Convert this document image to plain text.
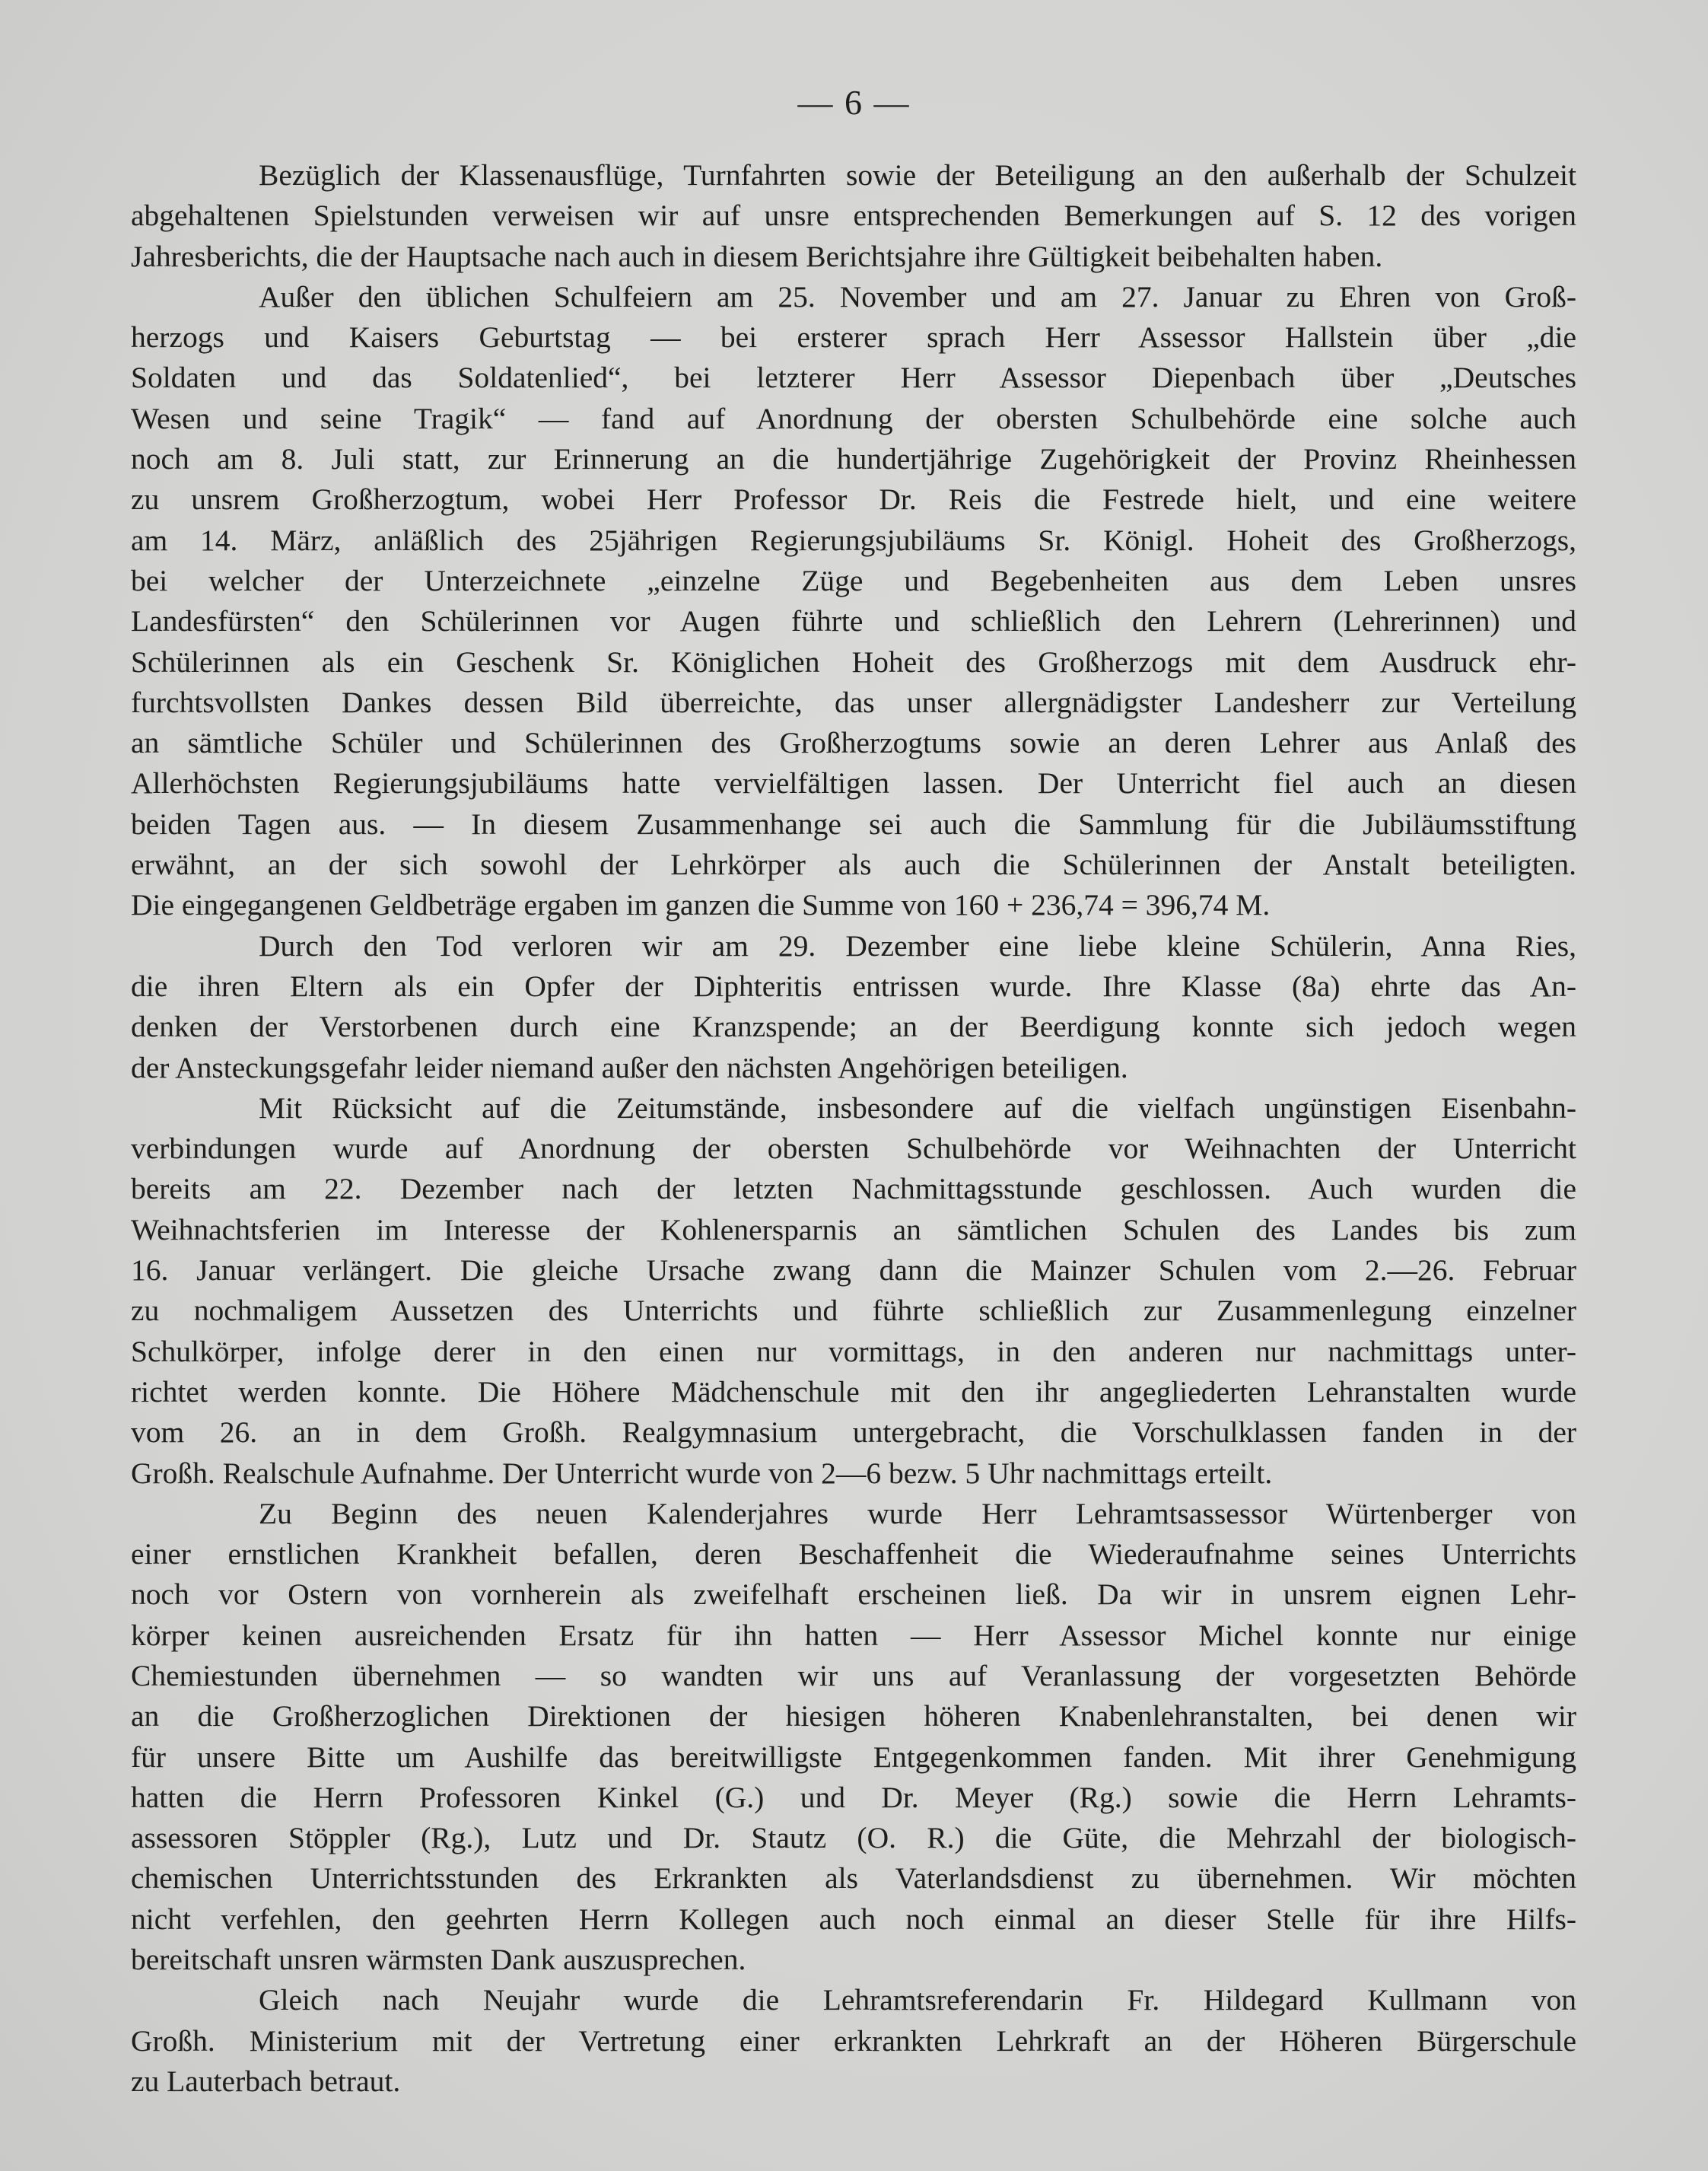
— 6 —

Bezüglich der Klassenausflüge, Turnfahrten sowie der Beteiligung an den außerhalb der Schulzeit
abgehaltenen Spielstunden verweisen wir auf unsre entsprechenden Bemerkungen auf S. 12 des vorigen
Jahresberichts, die der Hauptsache nach auch in diesem Berichtsjahre ihre Gültigkeit beibehalten haben.

Außer den üblichen Schulfeiern am 25. November und am 27. Januar zu Ehren von Groß-
herzogs und Kaisers Geburtstag — bei ersterer sprach Herr Assessor Hallstein über „die
Soldaten und das Soldatenlied“, bei letzterer Herr Assessor Diepenbach über „Deutsches
Wesen und seine Tragik“ — fand auf Anordnung der obersten Schulbehörde eine solche auch
noch am 8. Juli statt, zur Erinnerung an die hundertjährige Zugehörigkeit der Provinz Rheinhessen
zu unsrem Großherzogtum, wobei Herr Professor Dr. Reis die Festrede hielt, und eine weitere
am 14. März, anläßlich des 25jährigen Regierungsjubiläums Sr. Königl. Hoheit des Großherzogs,
bei welcher der Unterzeichnete „einzelne Züge und Begebenheiten aus dem Leben unsres
Landesfürsten“ den Schülerinnen vor Augen führte und schließlich den Lehrern (Lehrerinnen) und
Schülerinnen als ein Geschenk Sr. Königlichen Hoheit des Großherzogs mit dem Ausdruck ehr-
furchtsvollsten Dankes dessen Bild überreichte, das unser allergnädigster Landesherr zur Verteilung
an sämtliche Schüler und Schülerinnen des Großherzogtums sowie an deren Lehrer aus Anlaß des
Allerhöchsten Regierungsjubiläums hatte vervielfältigen lassen. Der Unterricht fiel auch an diesen
beiden Tagen aus. — In diesem Zusammenhange sei auch die Sammlung für die Jubiläumsstiftung
erwähnt, an der sich sowohl der Lehrkörper als auch die Schülerinnen der Anstalt beteiligten.
Die eingegangenen Geldbeträge ergaben im ganzen die Summe von 160 + 236,74 = 396,74 M.

Durch den Tod verloren wir am 29. Dezember eine liebe kleine Schülerin, Anna Ries,
die ihren Eltern als ein Opfer der Diphteritis entrissen wurde. Ihre Klasse (8a) ehrte das An-
denken der Verstorbenen durch eine Kranzspende; an der Beerdigung konnte sich jedoch wegen
der Ansteckungsgefahr leider niemand außer den nächsten Angehörigen beteiligen.

Mit Rücksicht auf die Zeitumstände, insbesondere auf die vielfach ungünstigen Eisenbahn-
verbindungen wurde auf Anordnung der obersten Schulbehörde vor Weihnachten der Unterricht
bereits am 22. Dezember nach der letzten Nachmittagsstunde geschlossen. Auch wurden die
Weihnachtsferien im Interesse der Kohlenersparnis an sämtlichen Schulen des Landes bis zum
16. Januar verlängert. Die gleiche Ursache zwang dann die Mainzer Schulen vom 2.—26. Februar
zu nochmaligem Aussetzen des Unterrichts und führte schließlich zur Zusammenlegung einzelner
Schulkörper, infolge derer in den einen nur vormittags, in den anderen nur nachmittags unter-
richtet werden konnte. Die Höhere Mädchenschule mit den ihr angegliederten Lehranstalten wurde
vom 26. an in dem Großh. Realgymnasium untergebracht, die Vorschulklassen fanden in der
Großh. Realschule Aufnahme. Der Unterricht wurde von 2—6 bezw. 5 Uhr nachmittags erteilt.

Zu Beginn des neuen Kalenderjahres wurde Herr Lehramtsassessor Würtenberger von
einer ernstlichen Krankheit befallen, deren Beschaffenheit die Wiederaufnahme seines Unterrichts
noch vor Ostern von vornherein als zweifelhaft erscheinen ließ. Da wir in unsrem eignen Lehr-
körper keinen ausreichenden Ersatz für ihn hatten — Herr Assessor Michel konnte nur einige
Chemiestunden übernehmen — so wandten wir uns auf Veranlassung der vorgesetzten Behörde
an die Großherzoglichen Direktionen der hiesigen höheren Knabenlehranstalten, bei denen wir
für unsere Bitte um Aushilfe das bereitwilligste Entgegenkommen fanden. Mit ihrer Genehmigung
hatten die Herrn Professoren Kinkel (G.) und Dr. Meyer (Rg.) sowie die Herrn Lehramts-
assessoren Stöppler (Rg.), Lutz und Dr. Stautz (O. R.) die Güte, die Mehrzahl der biologisch-
chemischen Unterrichtsstunden des Erkrankten als Vaterlandsdienst zu übernehmen. Wir möchten
nicht verfehlen, den geehrten Herrn Kollegen auch noch einmal an dieser Stelle für ihre Hilfs-
bereitschaft unsren wärmsten Dank auszusprechen.

Gleich nach Neujahr wurde die Lehramtsreferendarin Fr. Hildegard Kullmann von
Großh. Ministerium mit der Vertretung einer erkrankten Lehrkraft an der Höheren Bürgerschule
zu Lauterbach betraut.
